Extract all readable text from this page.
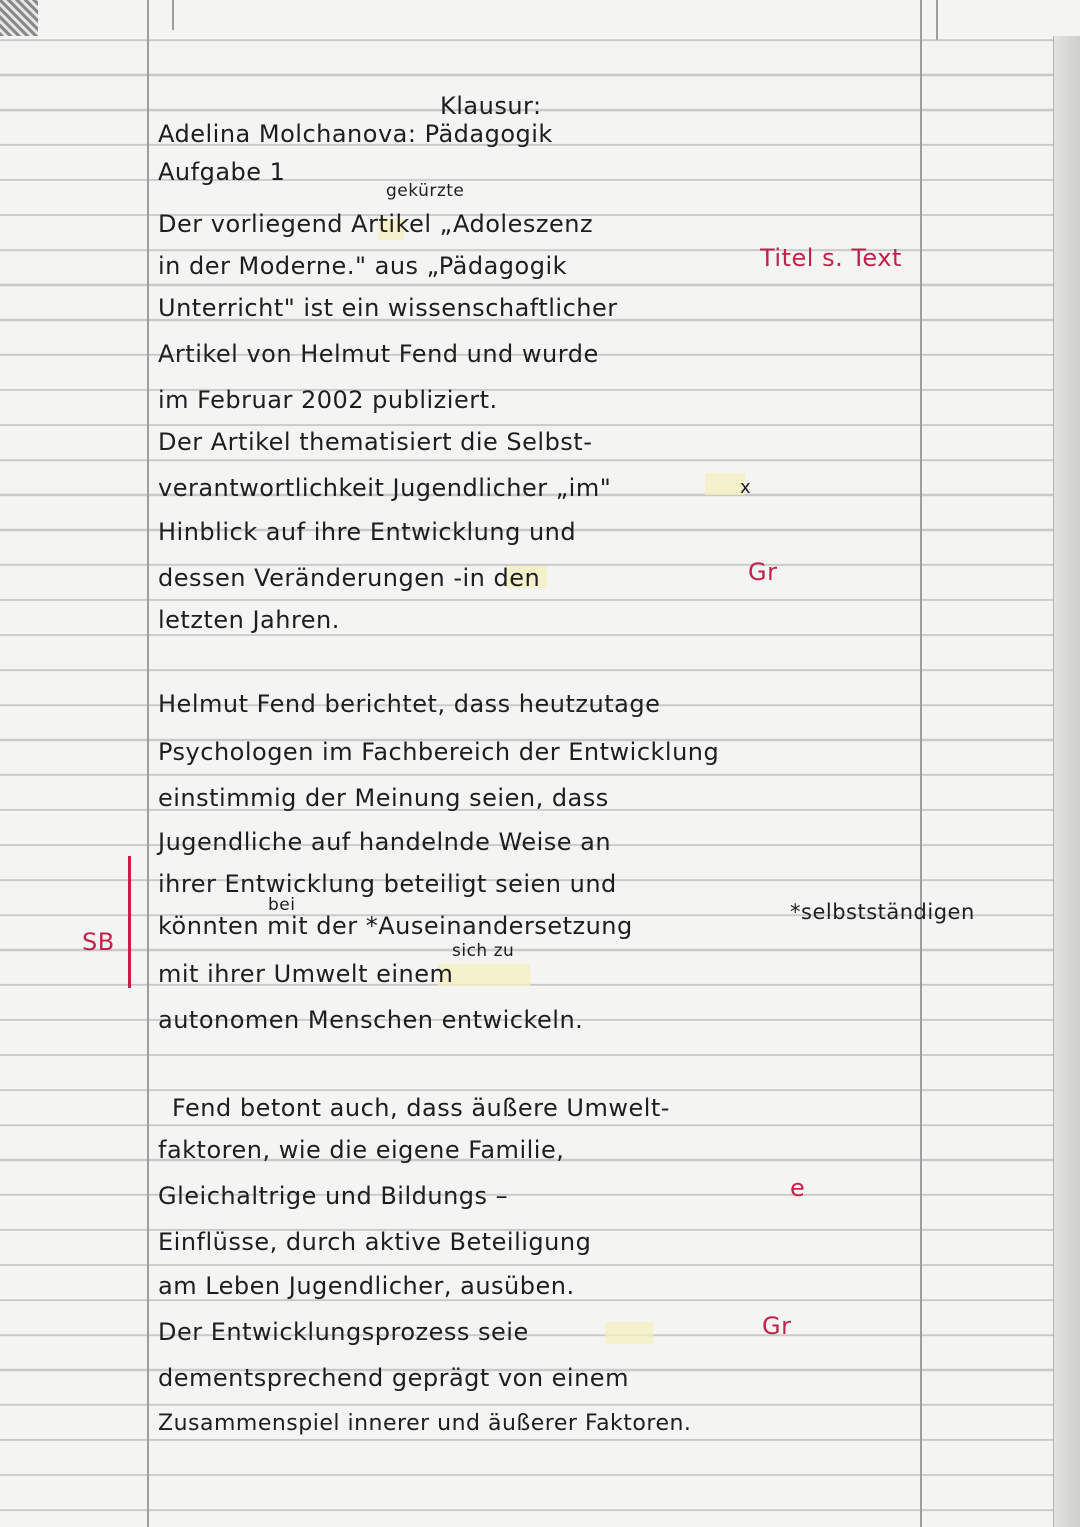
Klausur:
Adelina Molchanova: Pädagogik
Aufgabe 1
gekürzte
Der vorliegend Artikel „Adoleszenz
in der Moderne." aus „Pädagogik
Unterricht" ist ein wissenschaftlicher
Artikel von Helmut Fend und wurde
im Februar 2002 publiziert.
Der Artikel thematisiert die Selbst-
verantwortlichkeit Jugendlicher „im"
Hinblick auf ihre Entwicklung und
dessen Veränderungen -in den
letzten Jahren.
Helmut Fend berichtet, dass heutzutage
Psychologen im Fachbereich der Entwicklung
einstimmig der Meinung seien, dass
Jugendliche auf handelnde Weise an
ihrer Entwicklung beteiligt seien und
bei
könnten mit der *Auseinandersetzung
sich zu
mit ihrer Umwelt einem
autonomen Menschen entwickeln.
Fend betont auch, dass äußere Umwelt-
faktoren, wie die eigene Familie,
Gleichaltrige und Bildungs –
Einflüsse, durch aktive Beteiligung
am Leben Jugendlicher, ausüben.
Der Entwicklungsprozess seie
dementsprechend geprägt von einem
Zusammenspiel innerer und äußerer Faktoren.
Titel s. Text
x
Gr
SB
*selbstständigen
e
Gr
